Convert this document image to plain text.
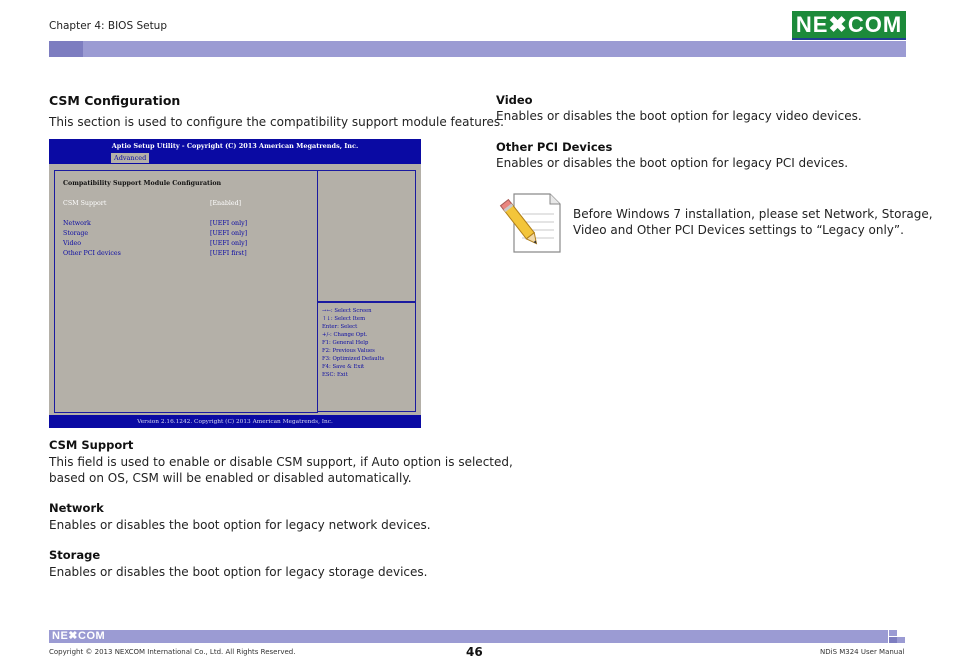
Chapter 4: BIOS Setup	NE✖COM
CSM Configuration

This section is used to configure the compatibility support module features.

Aptio Setup Utility - Copyright (C) 2013 American Megatrends, Inc.
Advanced
Compatibility Support Module Configuration
CSM Support	[Enabled]
Network	[UEFI only]
Storage	[UEFI only]
Video	[UEFI only]
Other PCI devices	[UEFI first]
→←: Select Screen
↑↓: Select Item
Enter: Select
+/-: Change Opt.
F1: General Help
F2: Previous Values
F3: Optimized Defaults
F4: Save & Exit
ESC: Exit
Version 2.16.1242. Copyright (C) 2013 American Megatrends, Inc.
CSM Support

This field is used to enable or disable CSM support, if Auto option is selected,

based on OS, CSM will be enabled or disabled automatically.

Network

Enables or disables the boot option for legacy network devices.

Storage

Enables or disables the boot option for legacy storage devices.

Video

Enables or disables the boot option for legacy video devices.

Other PCI Devices

Enables or disables the boot option for legacy PCI devices.

Before Windows 7 installation, please set Network, Storage,

Video and Other PCI Devices settings to “Legacy only”.

NE✖COM
Copyright © 2013 NEXCOM International Co., Ltd. All Rights Reserved.	46	NDiS M324 User Manual
